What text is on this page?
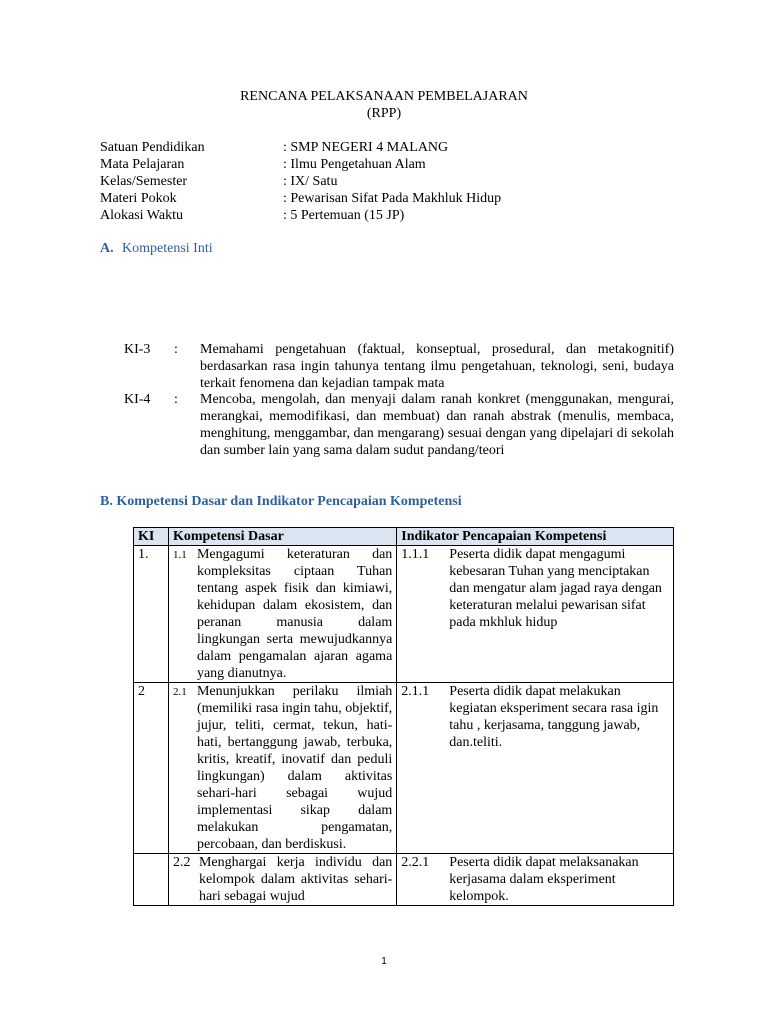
RENCANA PELAKSANAAN PEMBELAJARAN
(RPP)
Satuan Pendidikan	: SMP NEGERI 4 MALANG
Mata Pelajaran	: Ilmu Pengetahuan Alam
Kelas/Semester	: IX/ Satu
Materi Pokok	: Pewarisan Sifat Pada Makhluk Hidup
Alokasi Waktu	: 5 Pertemuan (15 JP)
A. Kompetensi Inti
KI-3 : Memahami pengetahuan (faktual, konseptual, prosedural, dan metakognitif) berdasarkan rasa ingin tahunya tentang ilmu pengetahuan, teknologi, seni, budaya terkait fenomena dan kejadian tampak mata
KI-4 : Mencoba, mengolah, dan menyaji dalam ranah konkret (menggunakan, mengurai, merangkai, memodifikasi, dan membuat) dan ranah abstrak (menulis, membaca, menghitung, menggambar, dan mengarang) sesuai dengan yang dipelajari di sekolah dan sumber lain yang sama dalam sudut pandang/teori
B. Kompetensi Dasar dan Indikator Pencapaian Kompetensi
KI	Kompetensi Dasar	Indikator Pencapaian Kompetensi
1.	1.1 Mengagumi keteraturan dan kompleksitas ciptaan Tuhan tentang aspek fisik dan kimiawi, kehidupan dalam ekosistem, dan peranan manusia dalam lingkungan serta mewujudkannya dalam pengamalan ajaran agama yang dianutnya.	1.1.1 Peserta didik dapat mengagumi kebesaran Tuhan yang menciptakan dan mengatur alam jagad raya dengan keteraturan melalui pewarisan sifat pada mkhluk hidup

2	2.1 Menunjukkan perilaku ilmiah (memiliki rasa ingin tahu, objektif, jujur, teliti, cermat, tekun, hati-hati, bertanggung jawab, terbuka, kritis, kreatif, inovatif dan peduli lingkungan) dalam aktivitas sehari-hari sebagai wujud implementasi sikap dalam melakukan pengamatan, percobaan, dan berdiskusi.	2.1.1 Peserta didik dapat melakukan kegiatan eksperiment secara rasa igin tahu , kerjasama, tanggung jawab, dan.teliti.

	2.2 Menghargai kerja individu dan kelompok dalam aktivitas sehari-hari sebagai wujud	2.2.1 Peserta didik dapat melaksanakan kerjasama dalam eksperiment kelompok.
1
